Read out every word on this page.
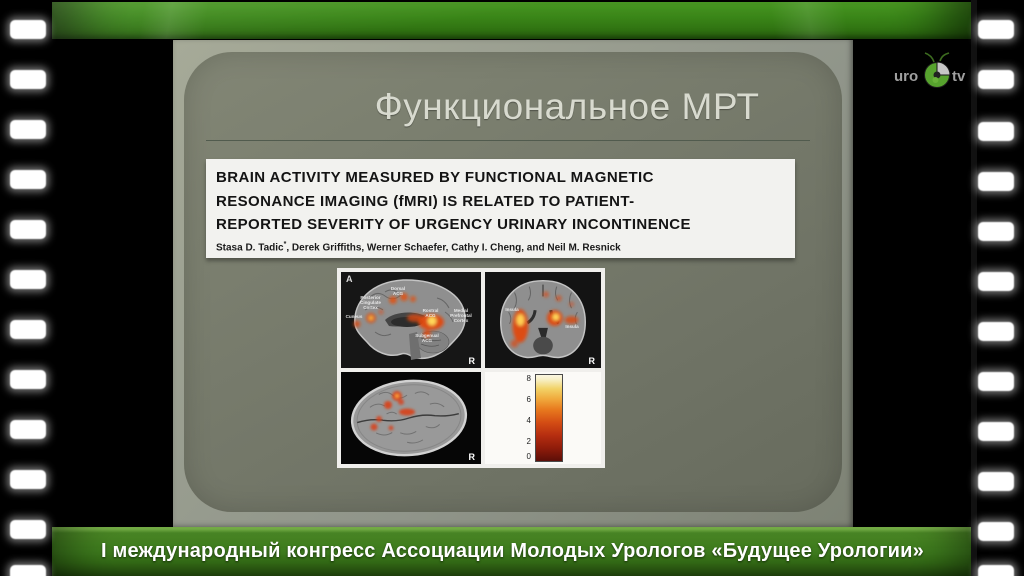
I международный конгресс Ассоциации Молодых Урологов «Будущее Урологии»
uro tv
Функциональное МРТ
BRAIN ACTIVITY MEASURED BY FUNCTIONAL MAGNETIC
RESONANCE IMAGING (fMRI) IS RELATED TO PATIENT-
REPORTED SEVERITY OF URGENCY URINARY INCONTINENCE
Stasa D. Tadic*, Derek Griffiths, Werner Schaefer, Cathy I. Cheng, and Neil M. Resnick
A
Dorsal ACG
Posterior Cingulate Cortex
Cuneus
Rostral ACG
Medial Prefrontal Cortex
Subgenual ACG
R
Insula
Insula
R
R
8
6
4
2
0
